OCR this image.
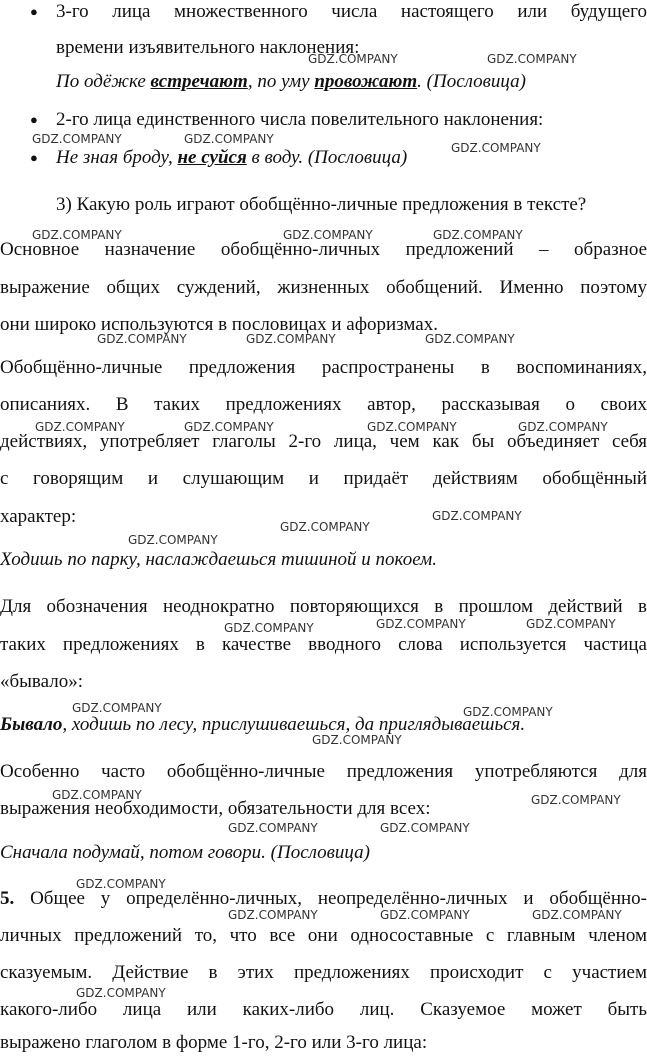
● 3-го лица множественного числа настоящего или будущего
времени изъявительного наклонения:
По одёжке встречают, по уму провожают. (Пословица)
● 2-го лица единственного числа повелительного наклонения:
● Не зная броду, не суйся в воду. (Пословица)
3) Какую роль играют обобщённо-личные предложения в тексте?
Основное назначение обобщённо-личных предложений – образное
выражение общих суждений, жизненных обобщений. Именно поэтому
они широко используются в пословицах и афоризмах.
Обобщённо-личные предложения распространены в воспоминаниях,
описаниях. В таких предложениях автор, рассказывая о своих
действиях, употребляет глаголы 2-го лица, чем как бы объединяет себя
с говорящим и слушающим и придаёт действиям обобщённый
характер:
Ходишь по парку, наслаждаешься тишиной и покоем.
Для обозначения неоднократно повторяющихся в прошлом действий в
таких предложениях в качестве вводного слова используется частица
«бывало»:
Бывало, ходишь по лесу, прислушиваешься, да приглядываешься.
Особенно часто обобщённо-личные предложения употребляются для
выражения необходимости, обязательности для всех:
Сначала подумай, потом говори. (Пословица)
5. Общее у определённо-личных, неопределённо-личных и обобщённо-
личных предложений то, что все они односоставные с главным членом
сказуемым. Действие в этих предложениях происходит с участием
какого-либо лица или каких-либо лиц. Сказуемое может быть
выражено глаголом в форме 1-го, 2-го или 3-го лица:
GDZ.COMPANY	GDZ.COMPANY
GDZ.COMPANY	GDZ.COMPANY
GDZ.COMPANY
GDZ.COMPANY	GDZ.COMPANY	GDZ.COMPANY
GDZ.COMPANY	GDZ.COMPANY	GDZ.COMPANY
GDZ.COMPANY	GDZ.COMPANY	GDZ.COMPANY	GDZ.COMPANY
GDZ.COMPANY
GDZ.COMPANY
GDZ.COMPANY
GDZ.COMPANY	GDZ.COMPANY
GDZ.COMPANY
GDZ.COMPANY	GDZ.COMPANY
GDZ.COMPANY
GDZ.COMPANY	GDZ.COMPANY
GDZ.COMPANY	GDZ.COMPANY
GDZ.COMPANY
GDZ.COMPANY	GDZ.COMPANY	GDZ.COMPANY
GDZ.COMPANY
